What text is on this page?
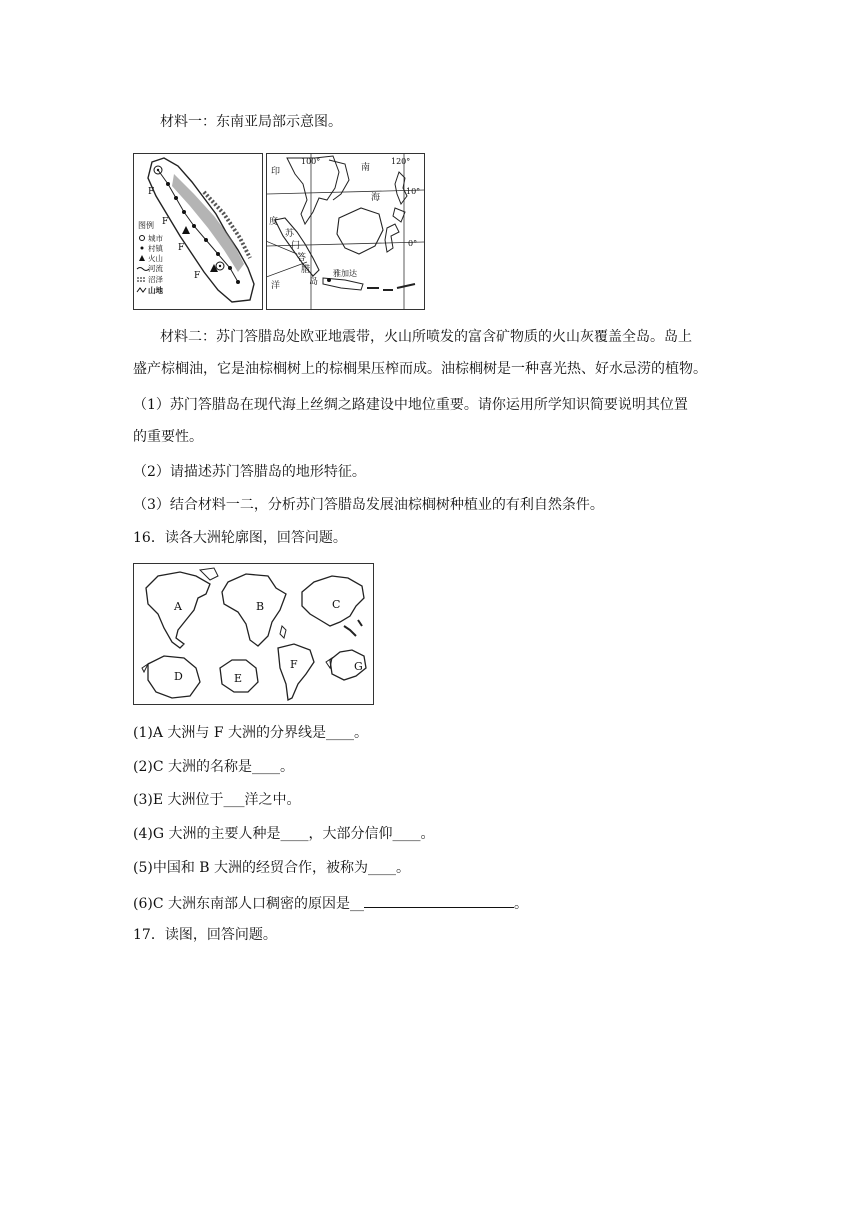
材料一：东南亚局部示意图。
F
F
F
F
图例
城市
村镇
火山
河流
沼泽
山地
100°	120°
10°
0°
印
度
洋
南
海
苏
门
答
腊
岛
雅加达
材料二：苏门答腊岛处欧亚地震带，火山所喷发的富含矿物质的火山灰覆盖全岛。岛上
盛产棕榈油，它是油棕榈树上的棕榈果压榨而成。油棕榈树是一种喜光热、好水忌涝的植物。
（1）苏门答腊岛在现代海上丝绸之路建设中地位重要。请你运用所学知识简要说明其位置
的重要性。
（2）请描述苏门答腊岛的地形特征。
（3）结合材料一二，分析苏门答腊岛发展油棕榈树种植业的有利自然条件。
16．读各大洲轮廓图，回答问题。
A	B	C
D	E
F	G
(1)A 大洲与 F 大洲的分界线是____。
(2)C 大洲的名称是____。
(3)E 大洲位于___洋之中。
(4)G 大洲的主要人种是____，大部分信仰____。
(5)中国和 B 大洲的经贸合作，被称为____。
(6)C 大洲东南部人口稠密的原因是__	。
17．读图，回答问题。
